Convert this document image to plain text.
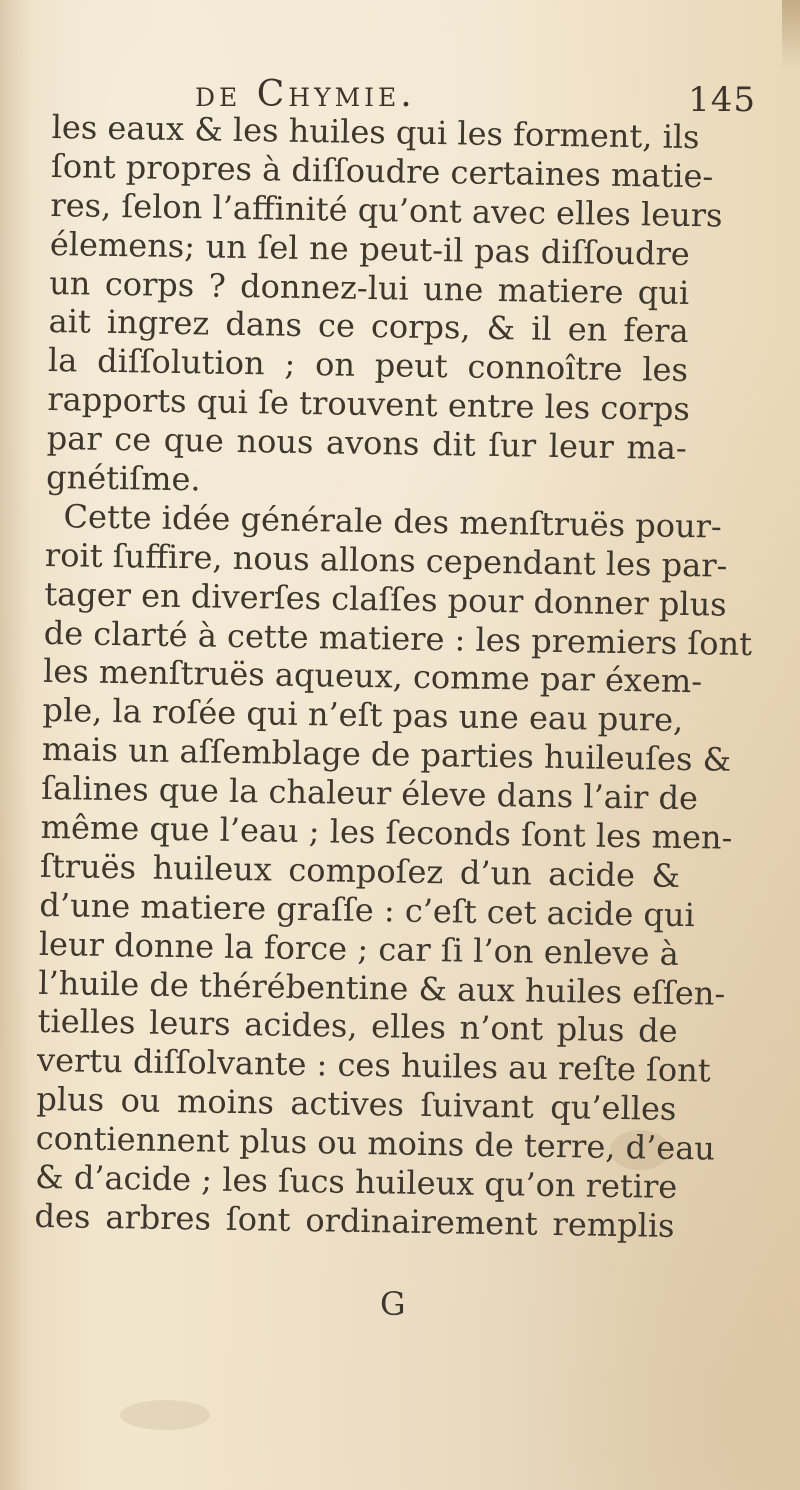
de Chymie.	145
les eaux & les huiles qui les forment, ils
ſont propres à diſſoudre certaines matie-
res, ſelon l’affinité qu’ont avec elles leurs
élemens; un ſel ne peut-il pas diſſoudre
un corps ? donnez-lui une matiere qui
ait ingrez dans ce corps, & il en fera
la diſſolution ; on peut connoître les
rapports qui ſe trouvent entre les corps
par ce que nous avons dit ſur leur ma-
gnétiſme.
Cette idée générale des menſtruës pour-
roit ſuffire, nous allons cependant les par-
tager en diverſes claſſes pour donner plus
de clarté à cette matiere : les premiers ſont
les menſtruës aqueux, comme par éxem-
ple, la roſée qui n’eſt pas une eau pure,
mais un aſſemblage de parties huileuſes &
ſalines que la chaleur éleve dans l’air de
même que l’eau ; les ſeconds ſont les men-
ſtruës huileux compoſez d’un acide &
d’une matiere graſſe : c’eſt cet acide qui
leur donne la force ; car ſi l’on enleve à
l’huile de thérébentine & aux huiles eſſen-
tielles leurs acides, elles n’ont plus de
vertu diſſolvante : ces huiles au reſte ſont
plus ou moins actives ſuivant qu’elles
contiennent plus ou moins de terre, d’eau
& d’acide ; les ſucs huileux qu’on retire
des arbres ſont ordinairement remplis
G
